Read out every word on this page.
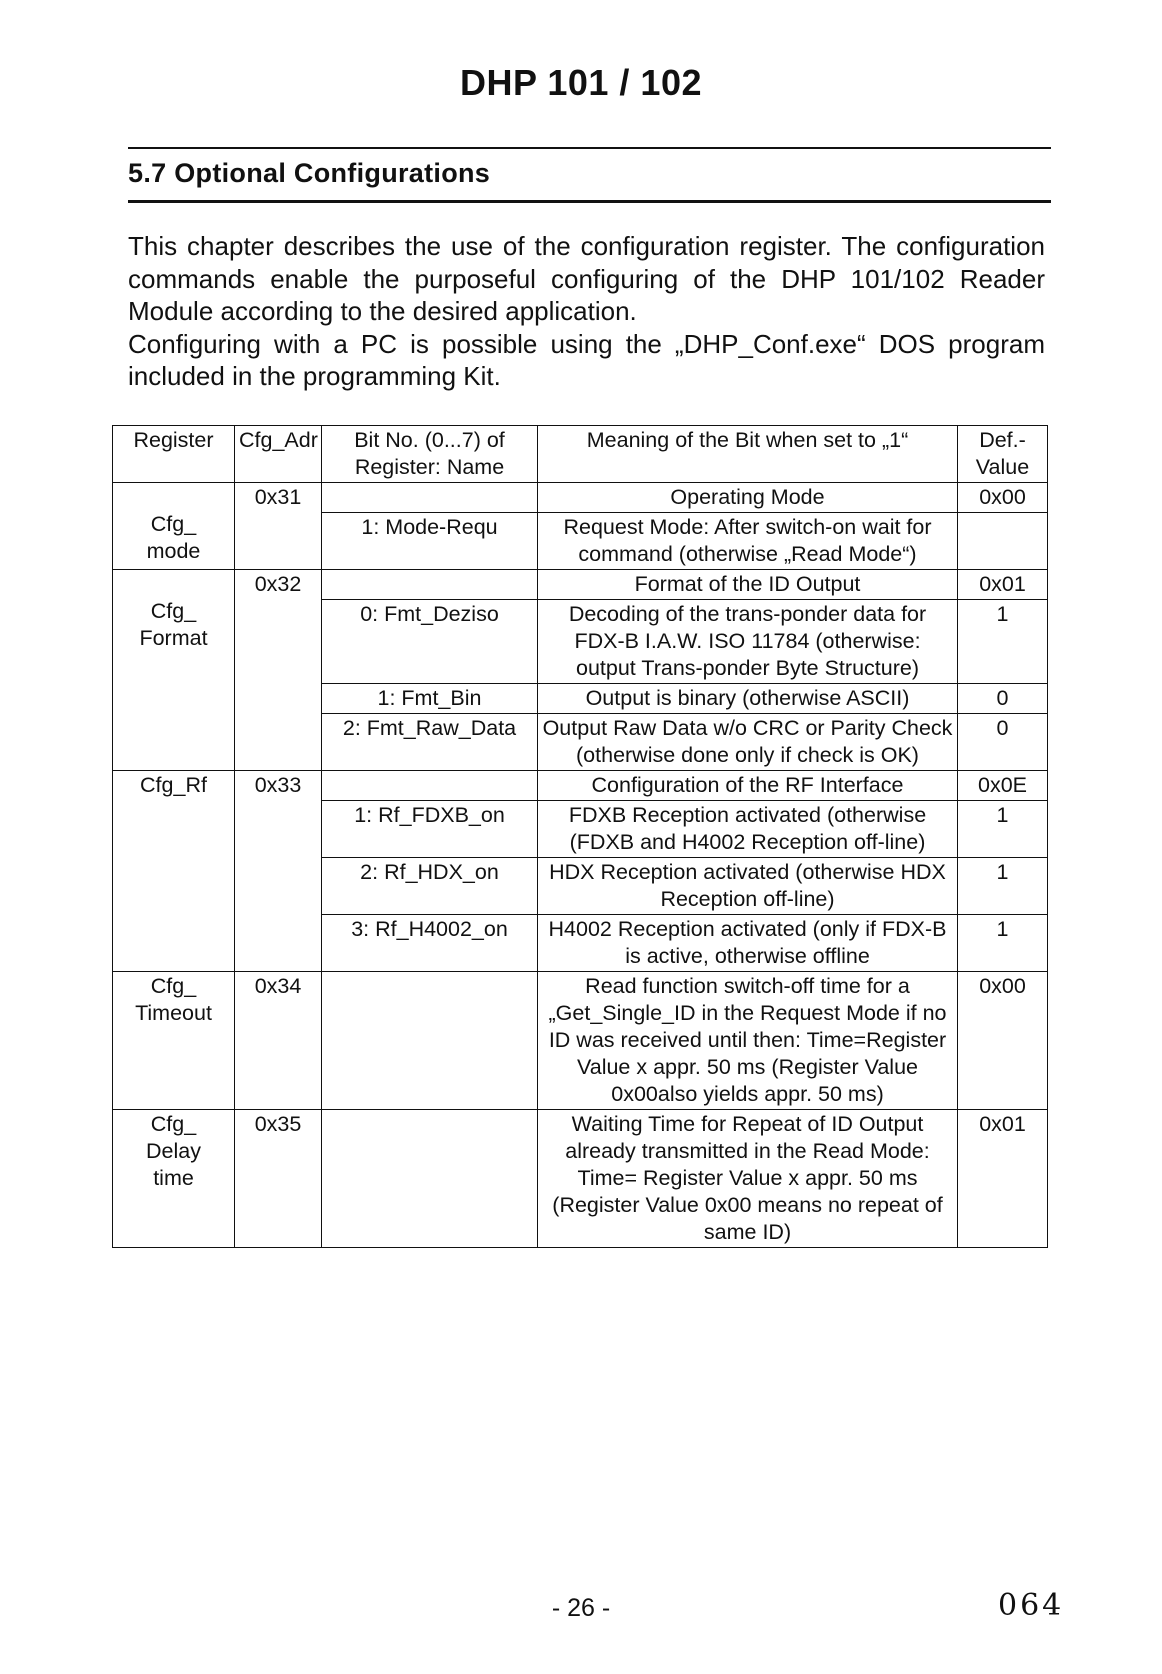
DHP 101 / 102
5.7 Optional Configurations

This chapter describes the use of the configuration register. The configuration commands enable the purposeful configuring of the DHP 101/102 Reader Module according to the desired application.

Configuring with a PC is possible using the „DHP_Conf.exe“ DOS program included in the programming Kit.

Register	Cfg_Adr	Bit No. (0...7) of Register: Name	Meaning of the Bit when set to „1“	Def.-Value

Cfg_
mode	0x31		Operating Mode	0x00
		1: Mode-Requ	Request Mode: After switch-on wait for command (otherwise „Read Mode“)	

Cfg_
Format	0x32		Format of the ID Output	0x01
		0: Fmt_Deziso	Decoding of the trans-ponder data for FDX-B I.A.W. ISO 11784 (otherwise: output Trans-ponder Byte Structure)	1
		1: Fmt_Bin	Output is binary (otherwise ASCII)	0
		2: Fmt_Raw_Data	Output Raw Data w/o CRC or Parity Check (otherwise done only if check is OK)	0

Cfg_Rf	0x33		Configuration of the RF Interface	0x0E
		1: Rf_FDXB_on	FDXB Reception activated (otherwise (FDXB and H4002 Reception off-line)	1
		2: Rf_HDX_on	HDX Reception activated (otherwise HDX Reception off-line)	1
		3: Rf_H4002_on	H4002 Reception activated (only if FDX-B is active, otherwise offline	1

Cfg_
Timeout	0x34		Read function switch-off time for a „Get_Single_ID in the Request Mode if no ID was received until then: Time=Register Value x appr. 50 ms (Register Value 0x00also yields appr. 50 ms)	0x00

Cfg_
Delay
time	0x35		Waiting Time for Repeat of ID Output already transmitted in the Read Mode: Time= Register Value x appr. 50 ms (Register Value 0x00 means no repeat of same ID)	0x01
- 26 -	064
